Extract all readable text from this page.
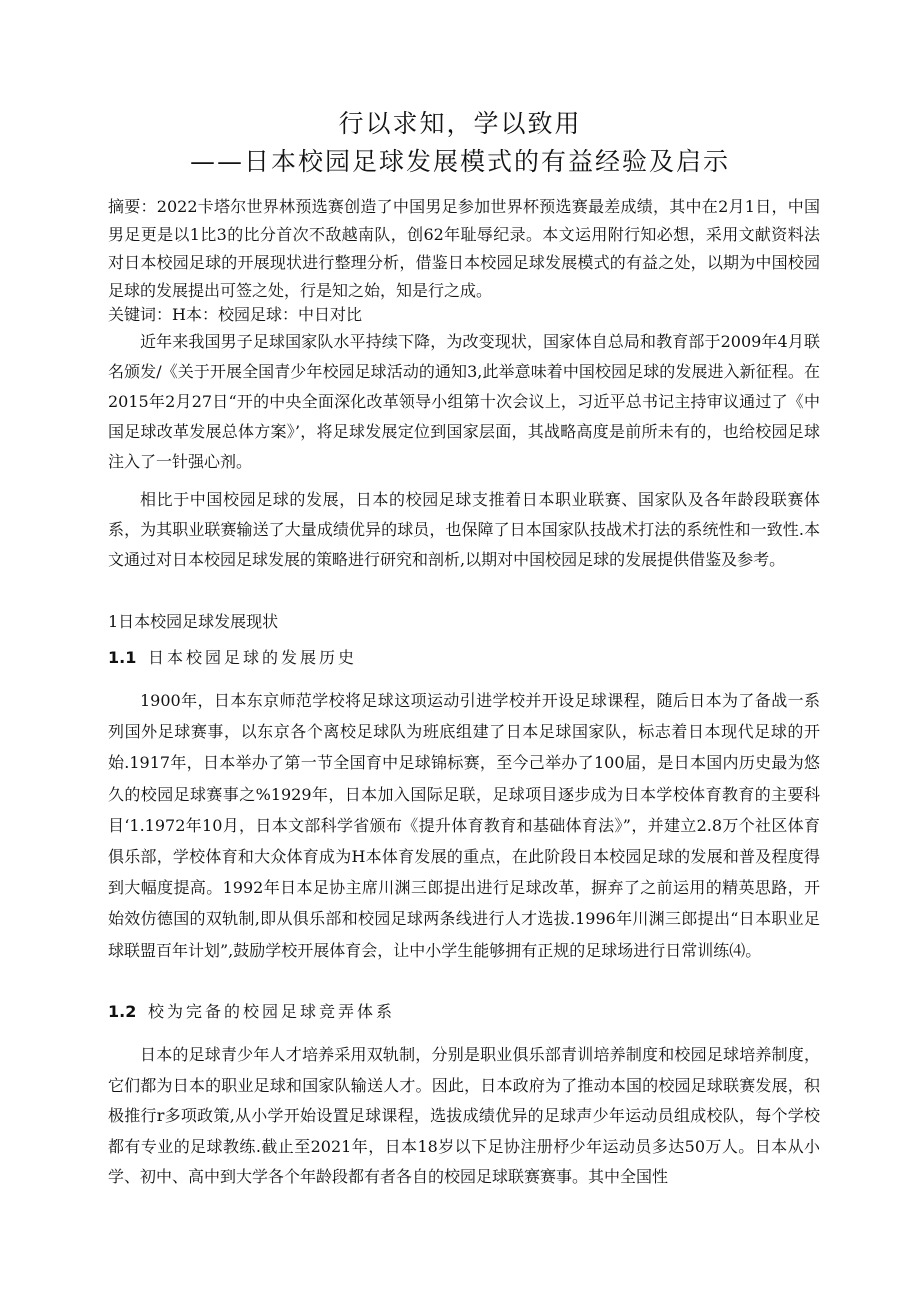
行以求知，学以致用
——日本校园足球发展模式的有益经验及启示
摘要：2022卡塔尔世界林预选赛创造了中国男足参加世界杯预选赛最差成绩，其中在2月1日，中国男足更是以1比3的比分首次不敌越南队，创62年耻辱纪录。本文运用附行知必想，采用文献资料法对日本校园足球的开展现状进行整理分析，借鉴日本校园足球发展模式的有益之处，以期为中国校园足球的发展提出可签之处，行是知之始，知是行之成。
关键词：H本：校园足球：中日对比
近年来我国男子足球国家队水平持续下降，为改变现状，国家体自总局和教育部于2009年4月联名颁发/《关于开展全国青少年校园足球活动的通知3,此举意味着中国校园足球的发展进入新征程。在2015年2月27日“开的中央全面深化改革领导小组第十次会议上，习近平总书记主持审议通过了《中国足球改革发展总体方案》’，将足球发展定位到国家层面，其战略高度是前所未有的，也给校园足球注入了一针强心剂。
相比于中国校园足球的发展，日本的校园足球支推着日本职业联赛、国家队及各年龄段联赛体系，为其职业联赛输送了大量成绩优异的球员，也保障了日本国家队技战术打法的系统性和一致性.本文通过对日本校园足球发展的策略进行研究和剖析,以期对中国校园足球的发展提供借鉴及参考。
1日本校园足球发展现状
1.1 日本校园足球的发展历史
1900年，日本东京师范学校将足球这项运动引进学校并开设足球课程，随后日本为了备战一系列国外足球赛事，以东京各个离校足球队为班底组建了日本足球国家队，标志着日本现代足球的开始.1917年，日本举办了第一节全国育中足球锦标赛，至今己举办了100届，是日本国内历史最为悠久的校园足球赛事之%1929年，日本加入国际足联，足球项目逐步成为日本学校体育教育的主要科目‘1.1972年10月，日本文部科学省颁布《提升体育教育和基础体育法》”，并建立2.8万个社区体育俱乐部，学校体育和大众体育成为H本体育发展的重点，在此阶段日本校园足球的发展和普及程度得到大幅度提高。1992年日本足协主席川渊三郎提出进行足球改革，摒弃了之前运用的精英思路，开始效仿德国的双轨制,即从俱乐部和校园足球两条线进行人才选拔.1996年川渊三郎提出“日本职业足球联盟百年计划”,鼓励学校开展体育会，让中小学生能够拥有正规的足球场进行日常训练⑷。
1.2 校为完备的校园足球竞弄体系
日本的足球青少年人才培养采用双轨制，分别是职业俱乐部青训培养制度和校园足球培养制度，它们都为日本的职业足球和国家队输送人才。因此，日本政府为了推动本国的校园足球联赛发展，积极推行r多项政策,从小学开始设置足球课程，选拔成绩优异的足球声少年运动员组成校队，每个学校都有专业的足球教练.截止至2021年，日本18岁以下足协注册杼少年运动员多达50万人。日本从小学、初中、高中到大学各个年龄段都有者各自的校园足球联赛赛事。其中全国性
